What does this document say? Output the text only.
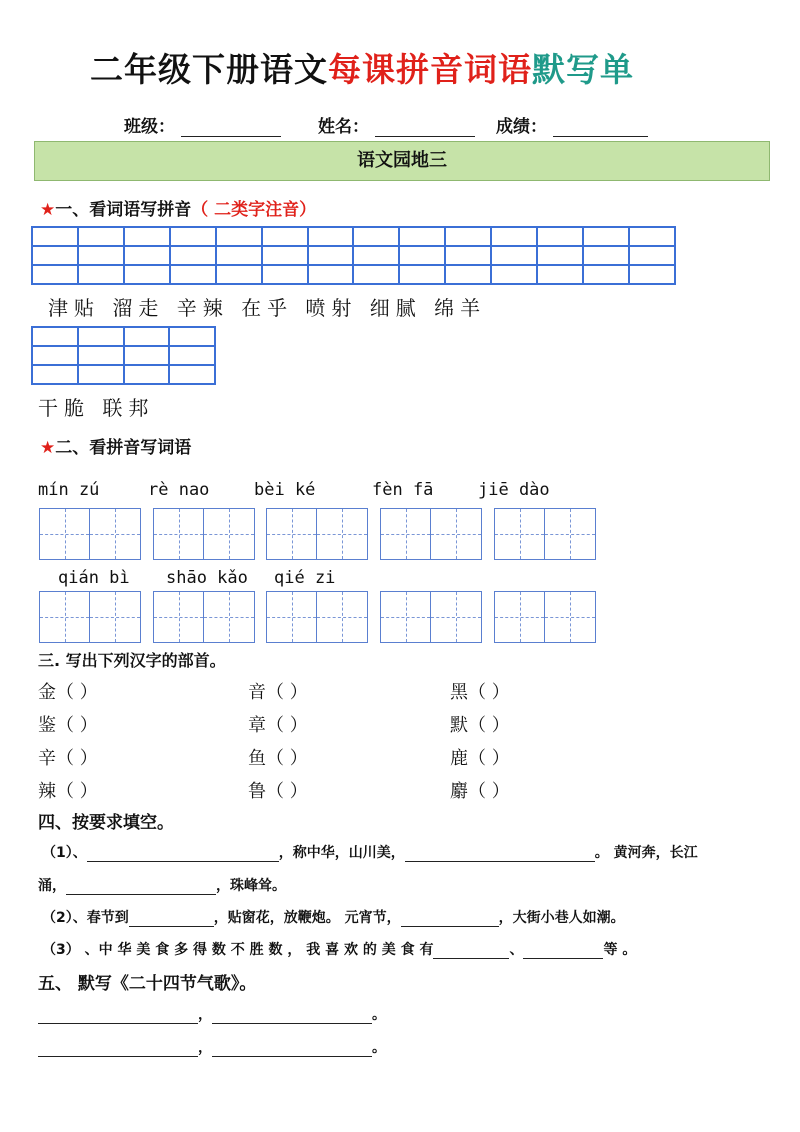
二年级下册语文每课拼音词语默写单
班级：	姓名：	成绩：
语文园地三
★一、看词语写拼音（ 二类字注音）

津贴 溜走 辛辣 在乎 喷射 细腻 绵羊

干脆 联邦
★二、看拼音写词语
mín zú	rè nao	bèi ké	fèn fā	jiē dào
qián bì shāo kǎo qié zi
三. 写出下列汉字的部首。
金（ ）	音（ ）	黑（ ）
鉴（ ）	章（ ）	默（ ）
辛（ ）	鱼（ ）	鹿（ ）
辣（ ）	鲁（ ）	麝（ ）
四、按要求填空。
（1）、	，称中华，山川美，	。 黄河奔，长江
涌，	，珠峰耸。
（2）、春节到	，贴窗花，放鞭炮。 元宵节，	，大街小巷人如潮。
（3） 、中 华 美 食 多 得 数 不 胜 数 ， 我 喜 欢 的 美 食 有	、	等 。
五、 默写《二十四节气歌》。
，	。
，	。
